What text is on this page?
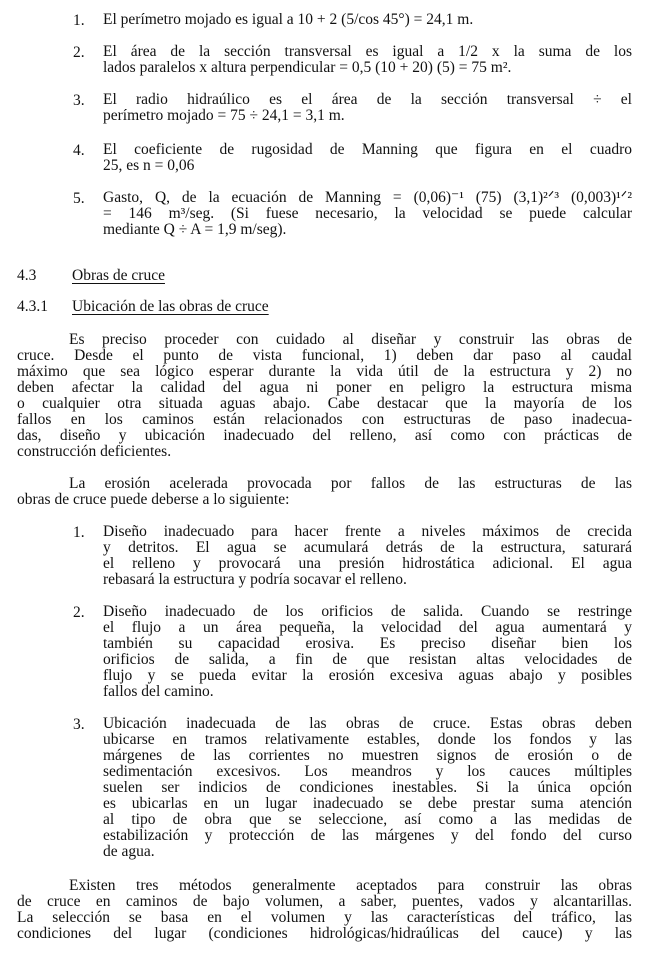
4.3 Obras de cruce
4.3.1 Ubicación de las obras de cruce
1. El perímetro mojado es igual a 10 + 2 (5/cos 45°) = 24,1 m.
2. El área de la sección transversal es igual a 1/2 x la suma de los
lados paralelos x altura perpendicular = 0,5 (10 + 20) (5) = 75 m².
3. El radio hidraúlico es el área de la sección transversal ÷ el
perímetro mojado = 75 ÷ 24,1 = 3,1 m.
4. El coeficiente de rugosidad de Manning que figura en el cuadro
25, es n = 0,06
5. Gasto, Q, de la ecuación de Manning = (0,06)⁻¹ (75) (3,1)²ᐟ³ (0,003)¹ᐟ²
= 146 m³/seg. (Si fuese necesario, la velocidad se puede calcular
mediante Q ÷ A = 1,9 m/seg).
Es preciso proceder con cuidado al diseñar y construir las obras de
cruce. Desde el punto de vista funcional, 1) deben dar paso al caudal
máximo que sea lógico esperar durante la vida útil de la estructura y 2) no
deben afectar la calidad del agua ni poner en peligro la estructura misma
o cualquier otra situada aguas abajo. Cabe destacar que la mayoría de los
fallos en los caminos están relacionados con estructuras de paso inadecua-
das, diseño y ubicación inadecuado del relleno, así como con prácticas de
construcción deficientes.
La erosión acelerada provocada por fallos de las estructuras de las
obras de cruce puede deberse a lo siguiente:
1. Diseño inadecuado para hacer frente a niveles máximos de crecida
y detritos. El agua se acumulará detrás de la estructura, saturará
el relleno y provocará una presión hidrostática adicional. El agua
rebasará la estructura y podría socavar el relleno.
2. Diseño inadecuado de los orificios de salida. Cuando se restringe
el flujo a un área pequeña, la velocidad del agua aumentará y
también su capacidad erosiva. Es preciso diseñar bien los
orificios de salida, a fin de que resistan altas velocidades de
flujo y se pueda evitar la erosión excesiva aguas abajo y posibles
fallos del camino.
3. Ubicación inadecuada de las obras de cruce. Estas obras deben
ubicarse en tramos relativamente estables, donde los fondos y las
márgenes de las corrientes no muestren signos de erosión o de
sedimentación excesivos. Los meandros y los cauces múltiples
suelen ser indicios de condiciones inestables. Si la única opción
es ubicarlas en un lugar inadecuado se debe prestar suma atención
al tipo de obra que se seleccione, así como a las medidas de
estabilización y protección de las márgenes y del fondo del curso
de agua.
Existen tres métodos generalmente aceptados para construir las obras
de cruce en caminos de bajo volumen, a saber, puentes, vados y alcantarillas.
La selección se basa en el volumen y las características del tráfico, las
condiciones del lugar (condiciones hidrológicas/hidraúlicas del cauce) y las
